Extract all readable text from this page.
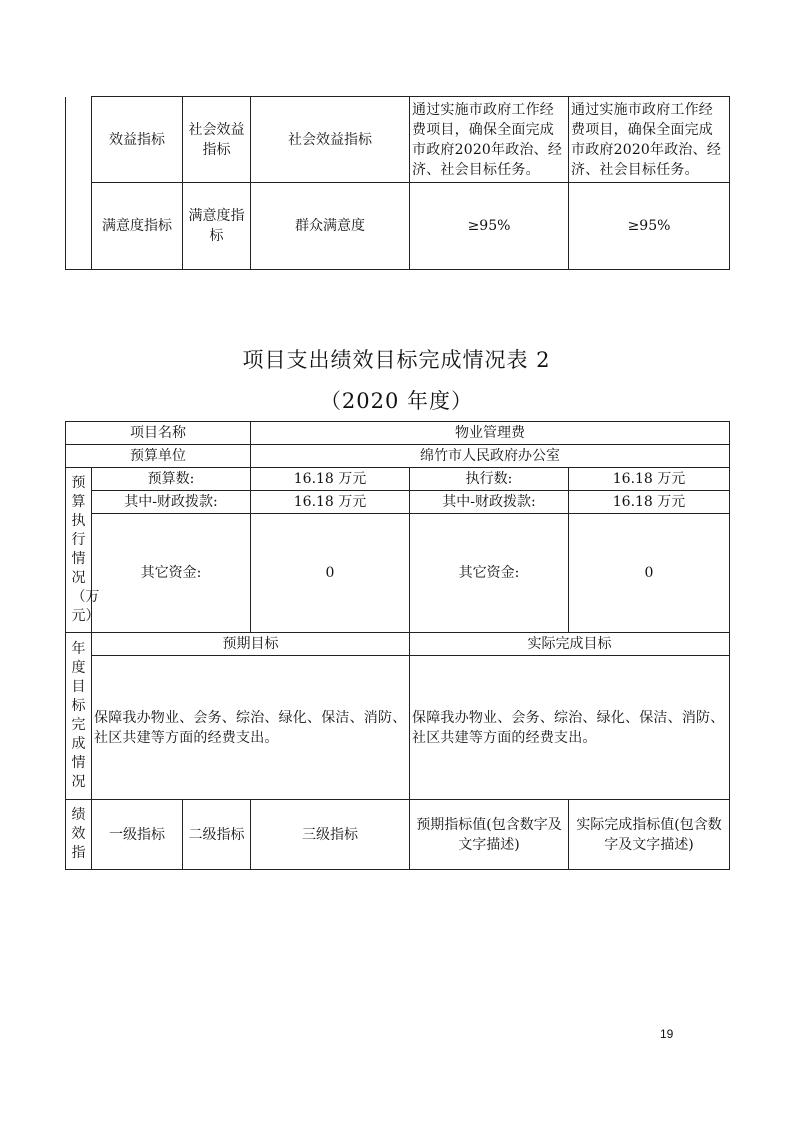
	效益指标	社会效益指标	社会效益指标	通过实施市政府工作经费项目，确保全面完成市政府2020年政治、经济、社会目标任务。	通过实施市政府工作经费项目，确保全面完成市政府2020年政治、经济、社会目标任务。
	满意度指标	满意度指标	群众满意度	≥95%	≥95%
项目支出绩效目标完成情况表 2
（2020 年度）
项目名称			物业管理费		
预算单位			绵竹市人民政府办公室		

预算执行情况（万元）	预算数:		16.18 万元	执行数:	16.18 万元
	其中-财政拨款:		16.18 万元	其中-财政拨款:	16.18 万元
	其它资金:		0	其它资金:	0

年度目标完成情况	预期目标			实际完成目标	
	保障我办物业、会务、综治、绿化、保洁、消防、社区共建等方面的经费支出。			保障我办物业、会务、综治、绿化、保洁、消防、社区共建等方面的经费支出。	

绩效指	一级指标	二级指标	三级指标	预期指标值(包含数字及文字描述)	实际完成指标值(包含数字及文字描述)
19
